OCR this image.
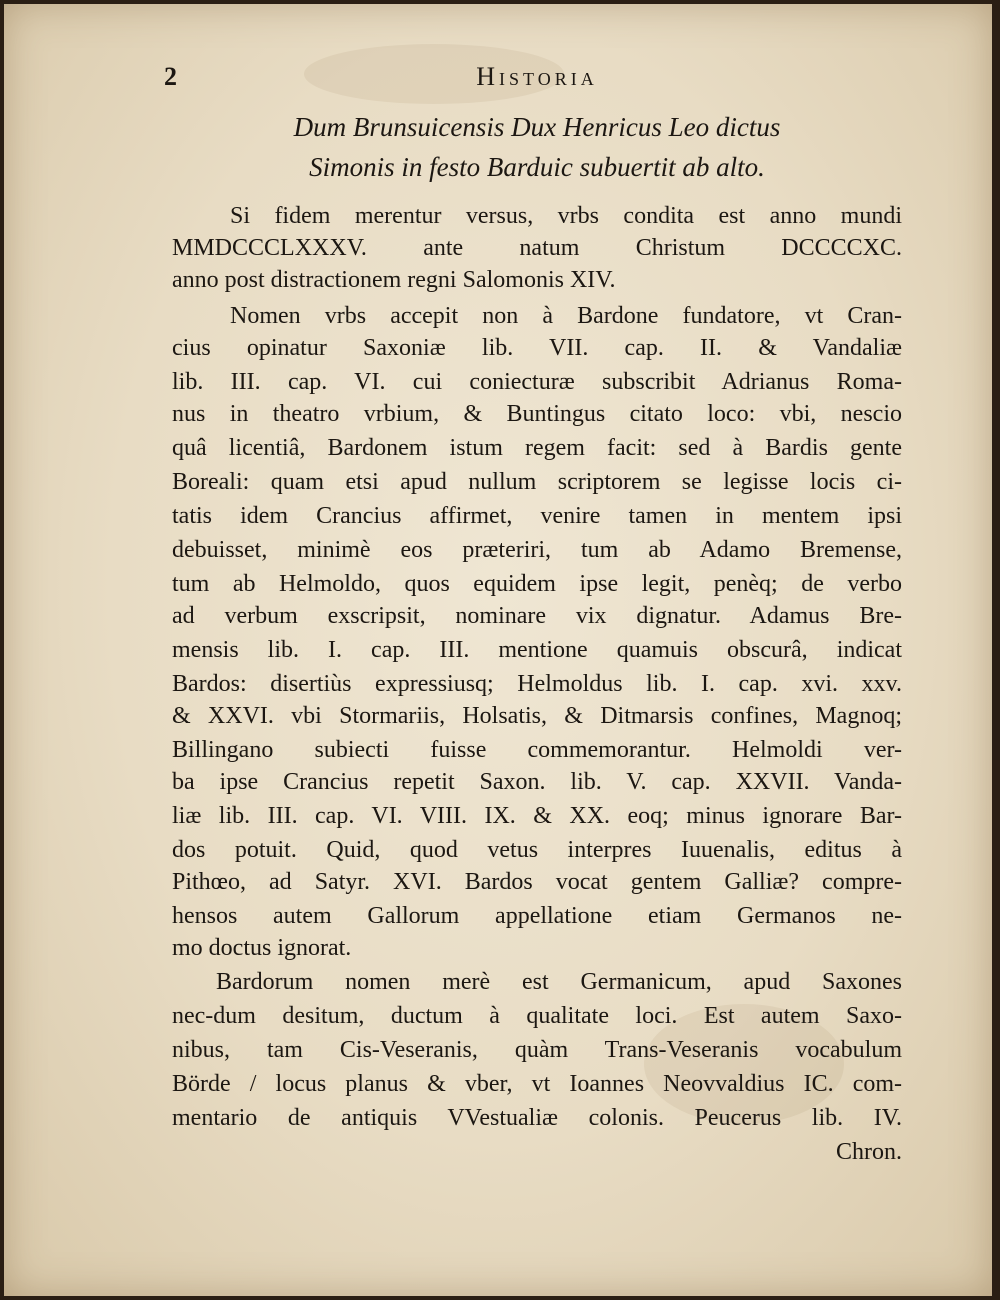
2	Historia
Dum Brunsuicensis Dux Henricus Leo dictus
Simonis in festo Barduic subuertit ab alto.
Si fidem merentur versus, vrbs condita est anno mundi
MMDCCCLXXXV. ante natum Christum DCCCCXC.
anno post distractionem regni Salomonis XIV.
Nomen vrbs accepit non à Bardone fundatore, vt Cran-
cius opinatur Saxoniæ lib. VII. cap. II. & Vandaliæ
lib. III. cap. VI. cui coniecturæ subscribit Adrianus Roma-
nus in theatro vrbium, & Buntingus citato loco: vbi, nescio
quâ licentiâ, Bardonem istum regem facit: sed à Bardis gente
Boreali: quam etsi apud nullum scriptorem se legisse locis ci-
tatis idem Crancius affirmet, venire tamen in mentem ipsi
debuisset, minimè eos præteriri, tum ab Adamo Bremense,
tum ab Helmoldo, quos equidem ipse legit, penèq; de verbo
ad verbum exscripsit, nominare vix dignatur. Adamus Bre-
mensis lib. I. cap. III. mentione quamuis obscurâ, indicat
Bardos: disertiùs expressiusq; Helmoldus lib. I. cap. xvi. xxv.
& XXVI. vbi Stormariis, Holsatis, & Ditmarsis confines, Magnoq;
Billingano subiecti fuisse commemorantur. Helmoldi ver-
ba ipse Crancius repetit Saxon. lib. V. cap. XXVII. Vanda-
liæ lib. III. cap. VI. VIII. IX. & XX. eoq; minus ignorare Bar-
dos potuit. Quid, quod vetus interpres Iuuenalis, editus à
Pithœo, ad Satyr. XVI. Bardos vocat gentem Galliæ? compre-
hensos autem Gallorum appellatione etiam Germanos ne-
mo doctus ignorat.
Bardorum nomen merè est Germanicum, apud Saxones
nec-dum desitum, ductum à qualitate loci. Est autem Saxo-
nibus, tam Cis-Veseranis, quàm Trans-Veseranis vocabulum
Börde / locus planus & vber, vt Ioannes Neovvaldius IC. com-
mentario de antiquis VVestualiæ colonis. Peucerus lib. IV.
Chron.
